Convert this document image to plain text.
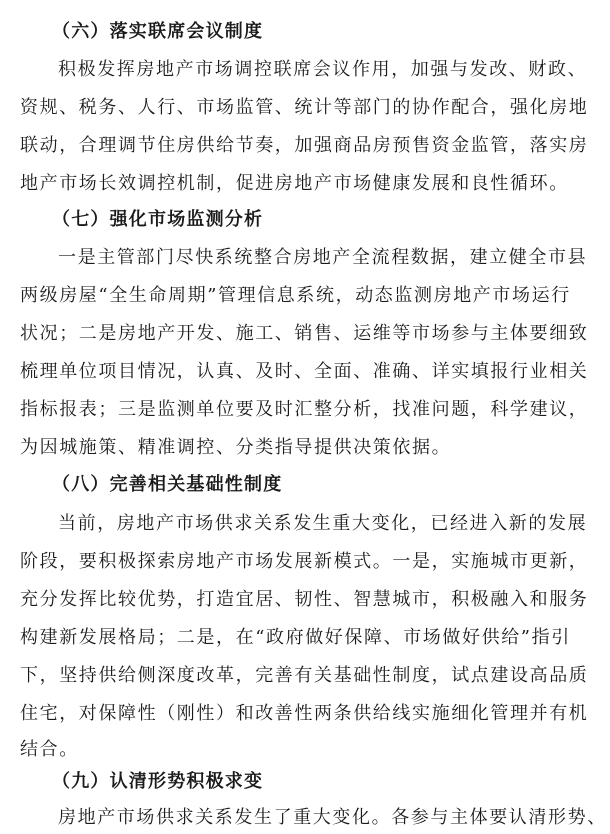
（六）落实联席会议制度
积极发挥房地产市场调控联席会议作用，加强与发改、财政、
资规、税务、人行、市场监管、统计等部门的协作配合，强化房地
联动，合理调节住房供给节奏，加强商品房预售资金监管，落实房
地产市场长效调控机制，促进房地产市场健康发展和良性循环。
（七）强化市场监测分析
一是主管部门尽快系统整合房地产全流程数据，建立健全市县
两级房屋“全生命周期”管理信息系统，动态监测房地产市场运行
状况；二是房地产开发、施工、销售、运维等市场参与主体要细致
梳理单位项目情况，认真、及时、全面、准确、详实填报行业相关
指标报表；三是监测单位要及时汇整分析，找准问题，科学建议，
为因城施策、精准调控、分类指导提供决策依据。
（八）完善相关基础性制度
当前，房地产市场供求关系发生重大变化，已经进入新的发展
阶段，要积极探索房地产市场发展新模式。一是，实施城市更新，
充分发挥比较优势，打造宜居、韧性、智慧城市，积极融入和服务
构建新发展格局；二是，在“政府做好保障、市场做好供给”指引
下，坚持供给侧深度改革，完善有关基础性制度，试点建设高品质
住宅，对保障性（刚性）和改善性两条供给线实施细化管理并有机
结合。
（九）认清形势积极求变
房地产市场供求关系发生了重大变化。各参与主体要认清形势、
